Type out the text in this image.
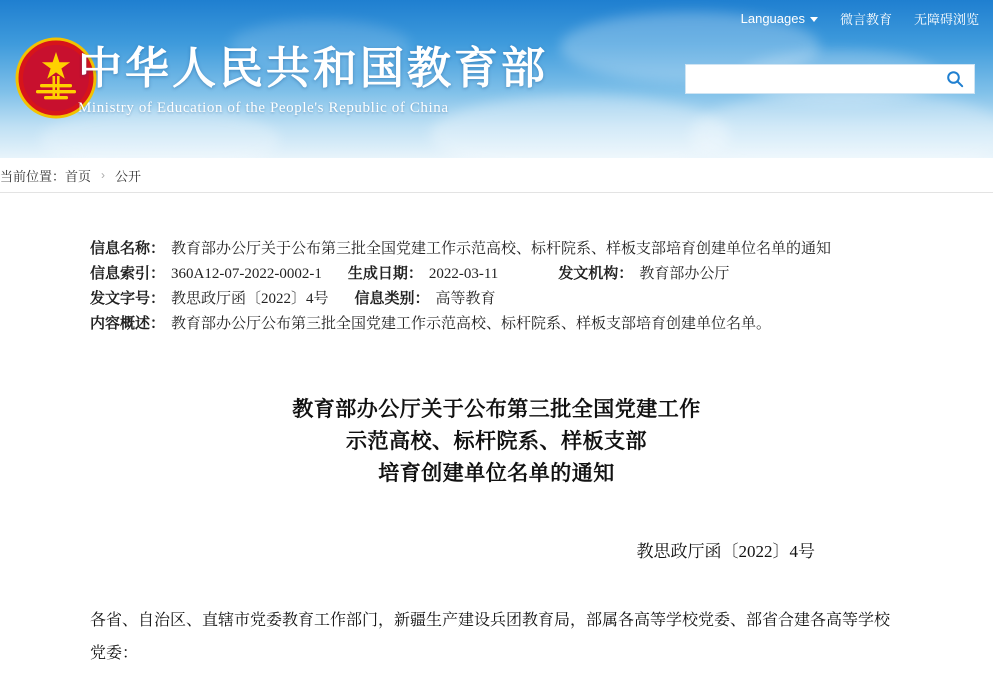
Languages	微言教育 无障碍浏览
中华人民共和国教育部
Ministry of Education of the People's Republic of China
当前位置： 首页 › 公开
信息名称： 教育部办公厅关于公布第三批全国党建工作示范高校、标杆院系、样板支部培育创建单位名单的通知
信息索引： 360A12-07-2022-0002-1 生成日期： 2022-03-11	发文机构： 教育部办公厅
发文字号： 教思政厅函〔2022〕4号 信息类别： 高等教育
内容概述： 教育部办公厅公布第三批全国党建工作示范高校、标杆院系、样板支部培育创建单位名单。
教育部办公厅关于公布第三批全国党建工作
示范高校、标杆院系、样板支部
培育创建单位名单的通知
教思政厅函〔2022〕4号
各省、自治区、直辖市党委教育工作部门，新疆生产建设兵团教育局，部属各高等学校党委、部省合建各高等学校党委：
